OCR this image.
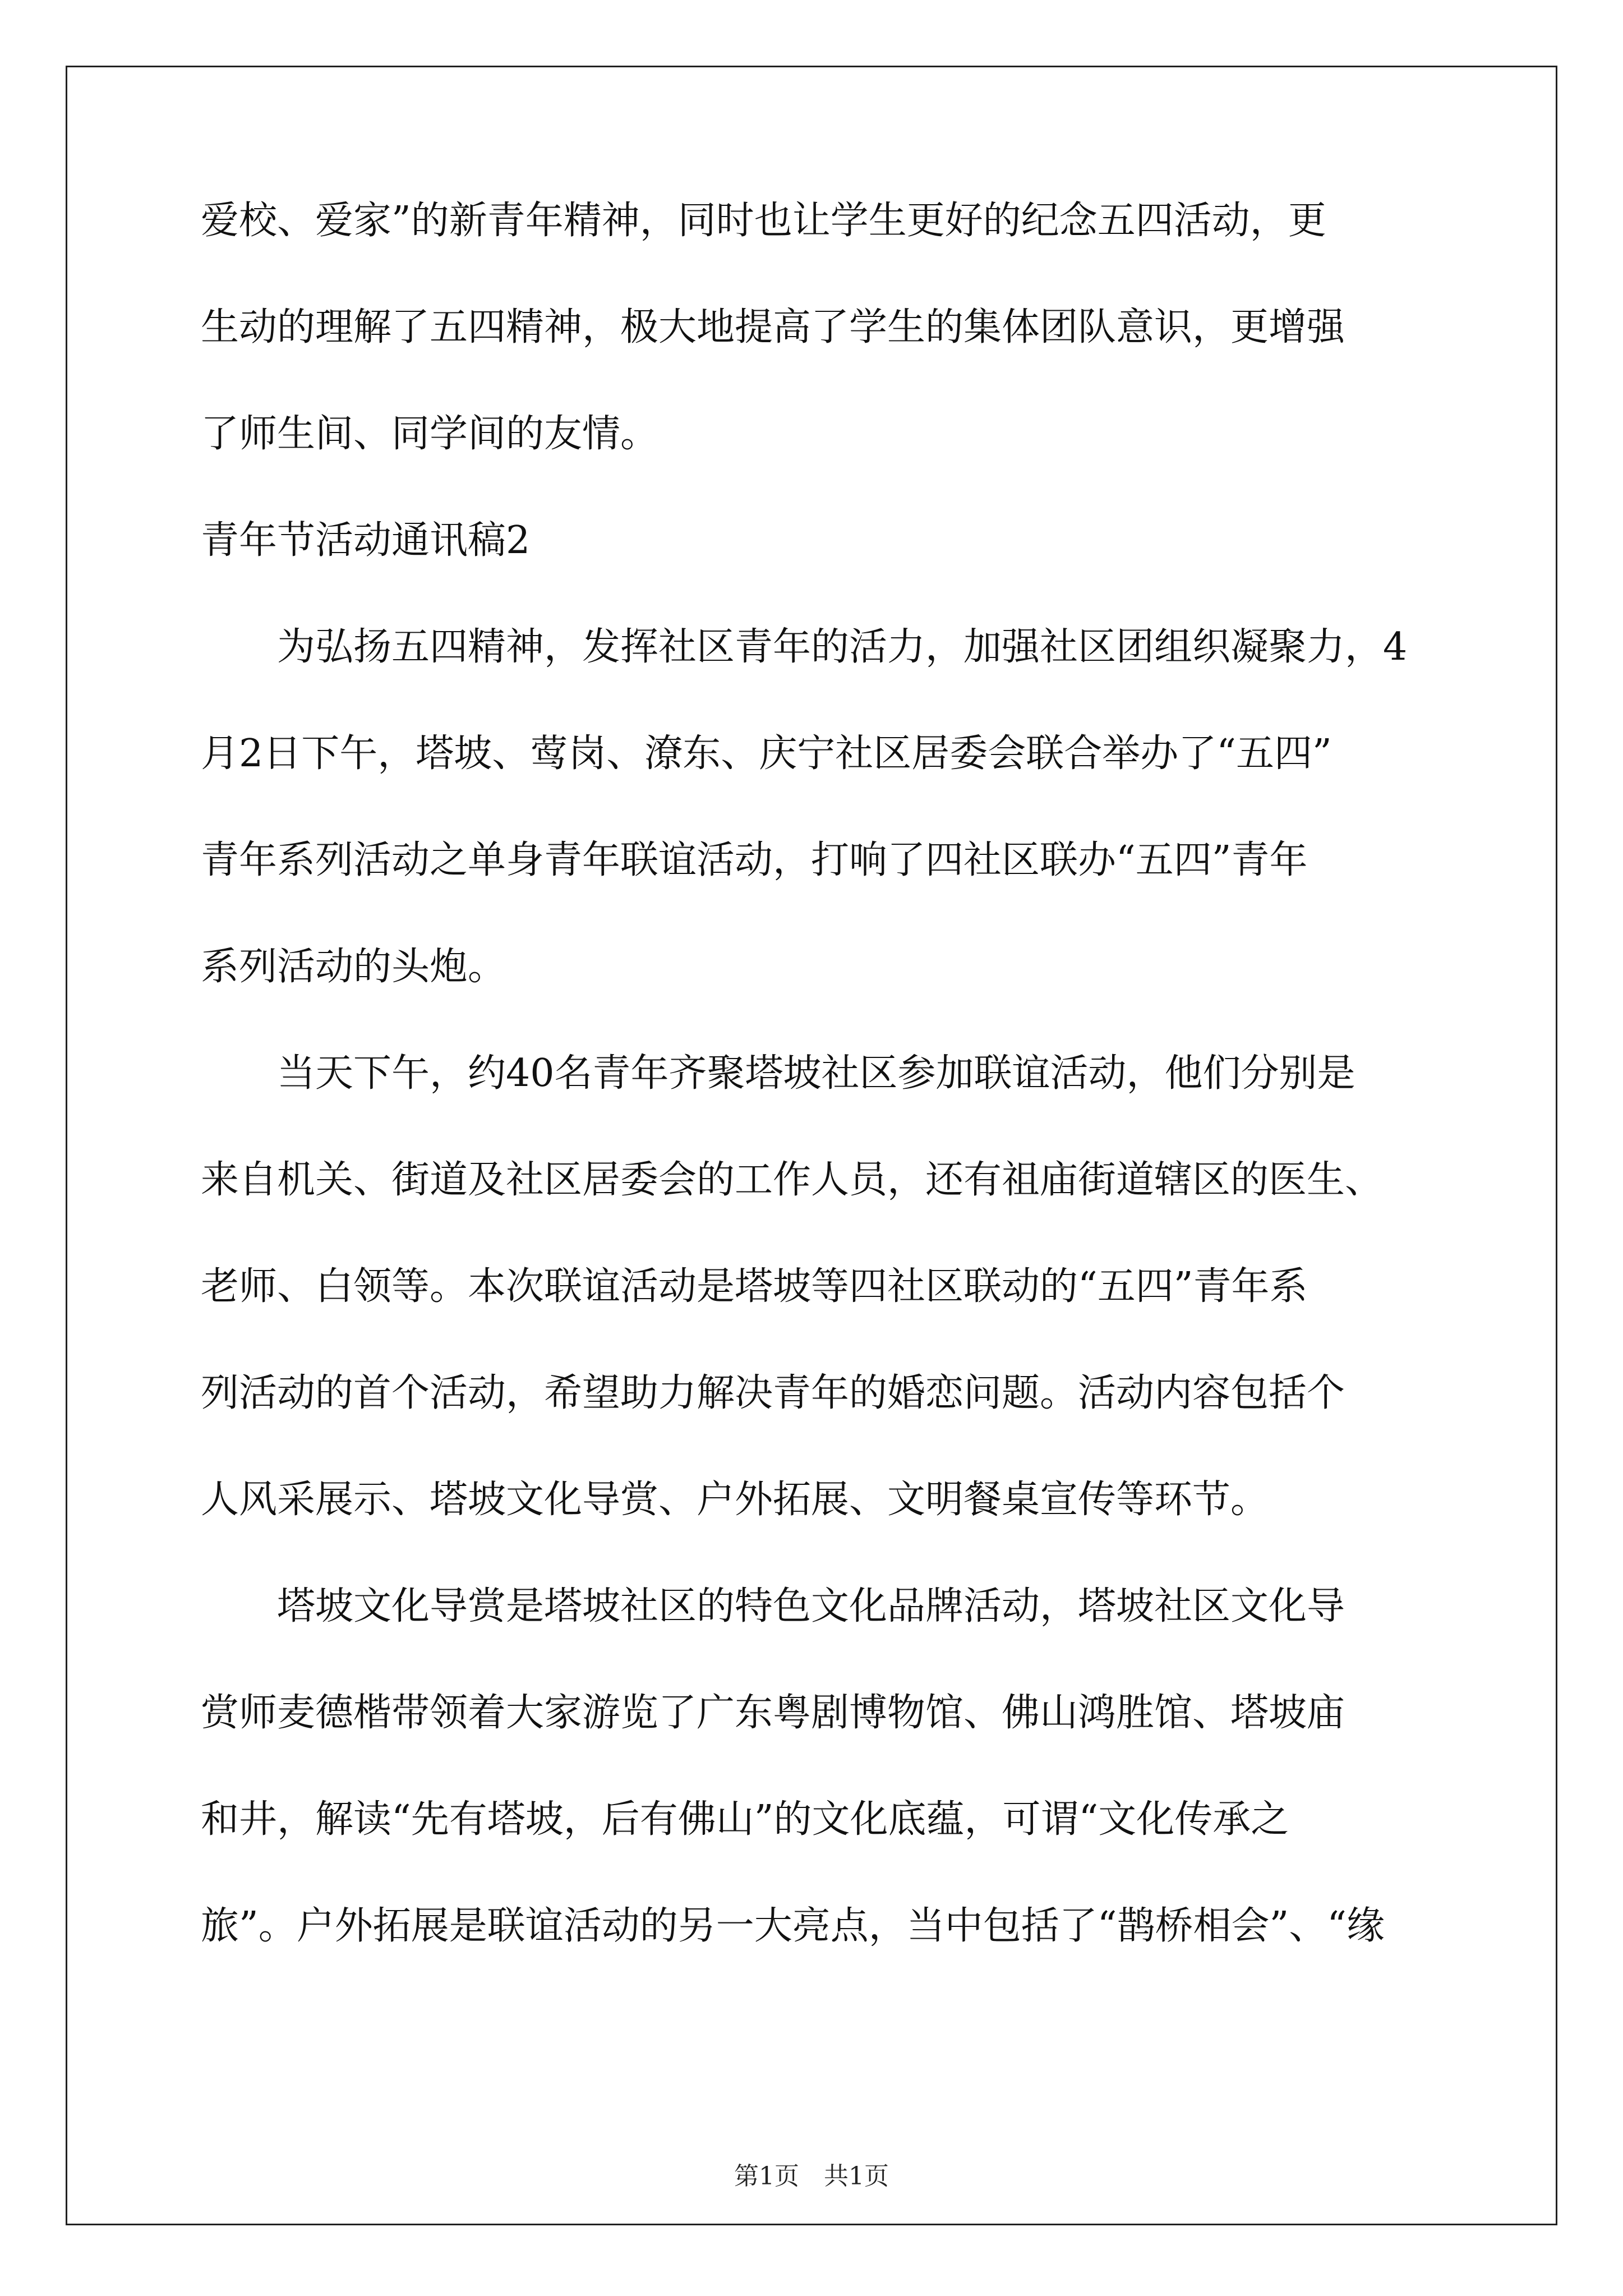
爱校、爱家”的新青年精神，同时也让学生更好的纪念五四活动，更
生动的理解了五四精神，极大地提高了学生的集体团队意识，更增强
了师生间、同学间的友情。
青年节活动通讯稿2
为弘扬五四精神，发挥社区青年的活力，加强社区团组织凝聚力，4
月2日下午，塔坡、莺岗、潦东、庆宁社区居委会联合举办了“五四”
青年系列活动之单身青年联谊活动，打响了四社区联办“五四”青年
系列活动的头炮。
当天下午，约40名青年齐聚塔坡社区参加联谊活动，他们分别是
来自机关、街道及社区居委会的工作人员，还有祖庙街道辖区的医生、
老师、白领等。本次联谊活动是塔坡等四社区联动的“五四”青年系
列活动的首个活动，希望助力解决青年的婚恋问题。活动内容包括个
人风采展示、塔坡文化导赏、户外拓展、文明餐桌宣传等环节。
塔坡文化导赏是塔坡社区的特色文化品牌活动，塔坡社区文化导
赏师麦德楷带领着大家游览了广东粤剧博物馆、佛山鸿胜馆、塔坡庙
和井，解读“先有塔坡，后有佛山”的文化底蕴，可谓“文化传承之
旅”。户外拓展是联谊活动的另一大亮点，当中包括了“鹊桥相会”、“缘
第1页　共1页
